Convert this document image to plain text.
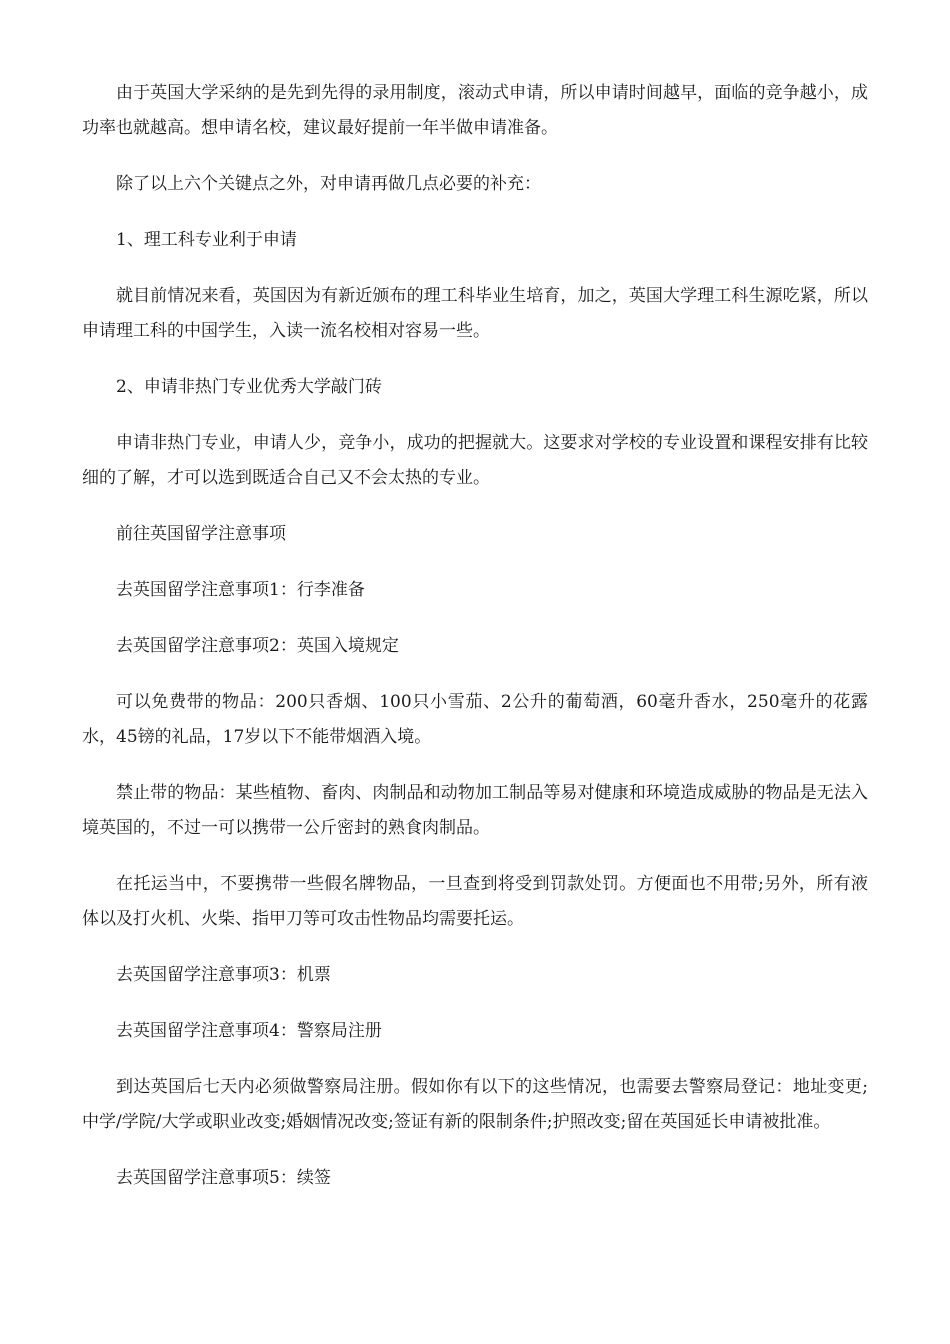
由于英国大学采纳的是先到先得的录用制度，滚动式申请，所以申请时间越早，面临的竞争越小，成功率也就越高。想申请名校，建议最好提前一年半做申请准备。

除了以上六个关键点之外，对申请再做几点必要的补充：

1、理工科专业利于申请

就目前情况来看，英国因为有新近颁布的理工科毕业生培育，加之，英国大学理工科生源吃紧，所以申请理工科的中国学生，入读一流名校相对容易一些。

2、申请非热门专业优秀大学敲门砖

申请非热门专业，申请人少，竞争小，成功的把握就大。这要求对学校的专业设置和课程安排有比较细的了解，才可以选到既适合自己又不会太热的专业。

前往英国留学注意事项

去英国留学注意事项1：行李准备

去英国留学注意事项2：英国入境规定

可以免费带的物品：200只香烟、100只小雪茄、2公升的葡萄酒，60毫升香水，250毫升的花露水，45镑的礼品，17岁以下不能带烟酒入境。

禁止带的物品：某些植物、畜肉、肉制品和动物加工制品等易对健康和环境造成威胁的物品是无法入境英国的，不过一可以携带一公斤密封的熟食肉制品。

在托运当中，不要携带一些假名牌物品，一旦查到将受到罚款处罚。方便面也不用带;另外，所有液体以及打火机、火柴、指甲刀等可攻击性物品均需要托运。

去英国留学注意事项3：机票

去英国留学注意事项4：警察局注册

到达英国后七天内必须做警察局注册。假如你有以下的这些情况，也需要去警察局登记：地址变更;中学/学院/大学或职业改变;婚姻情况改变;签证有新的限制条件;护照改变;留在英国延长申请被批准。

去英国留学注意事项5：续签
